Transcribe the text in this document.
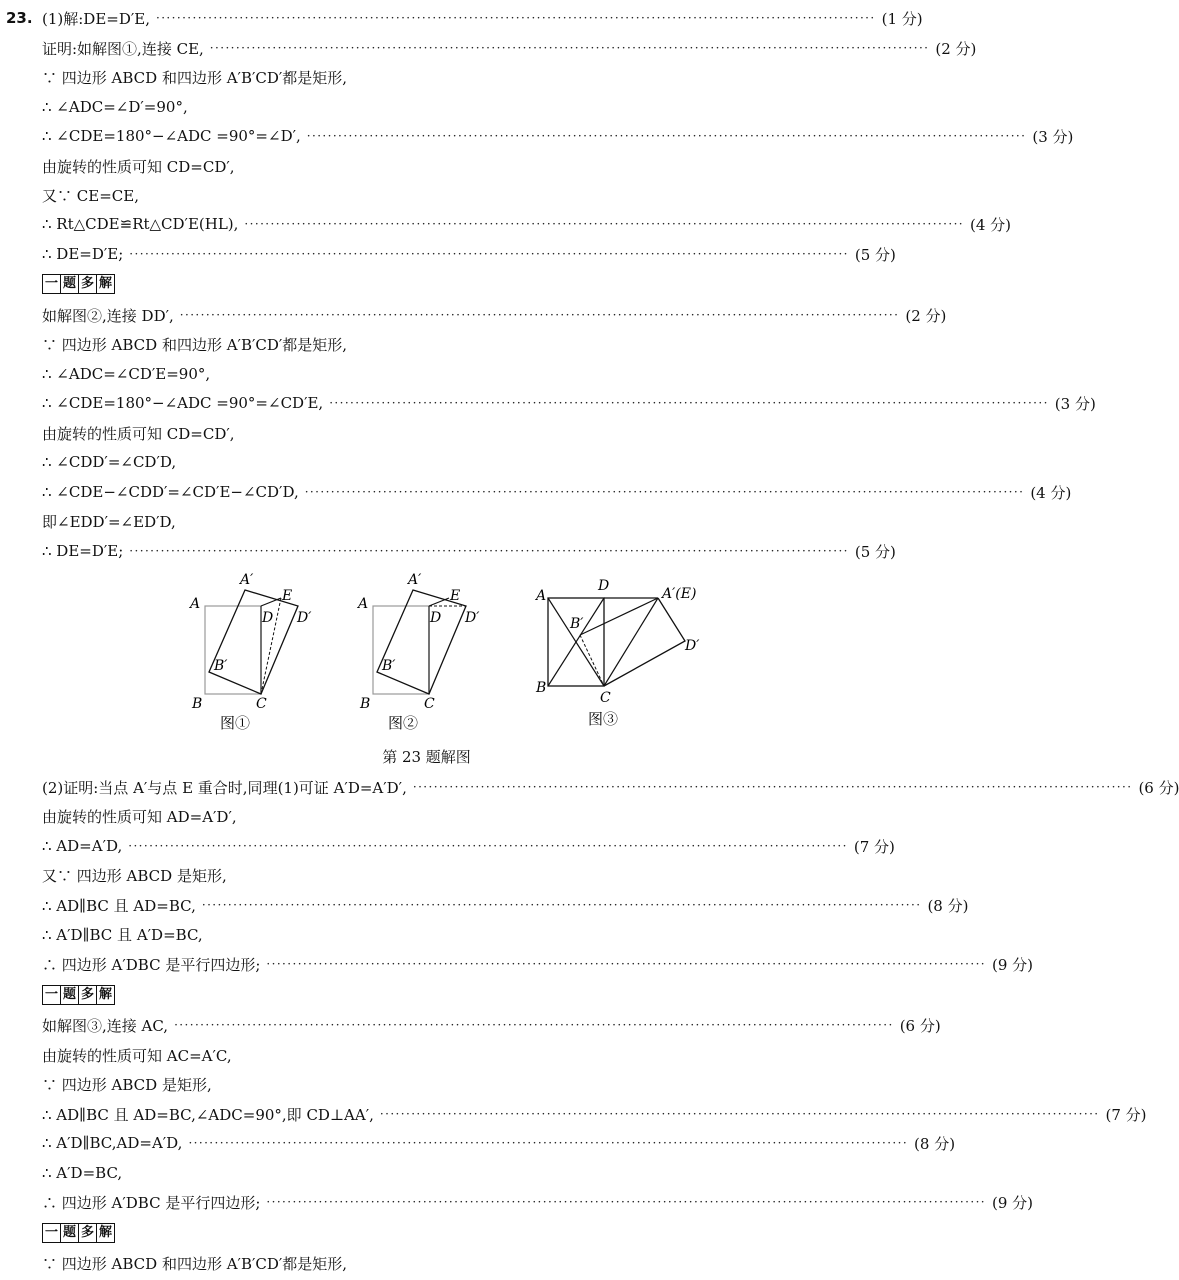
23. (1)解:DE=D′E, ·········································································································································· (1 分)
证明:如解图①,连接 CE, ·········································································································································· (2 分)
∵ 四边形 ABCD 和四边形 A′B′CD′都是矩形,
∴ ∠ADC=∠D′=90°,
∴ ∠CDE=180°−∠ADC =90°=∠D′, ·········································································································································· (3 分)
由旋转的性质可知 CD=CD′,
又∵ CE=CE,
∴ Rt△CDE≌Rt△CD′E(HL), ·········································································································································· (4 分)
∴ DE=D′E; ·········································································································································· (5 分)
一 题 多 解
如解图②,连接 DD′, ·········································································································································· (2 分)
∵ 四边形 ABCD 和四边形 A′B′CD′都是矩形,
∴ ∠ADC=∠CD′E=90°,
∴ ∠CDE=180°−∠ADC =90°=∠CD′E, ·········································································································································· (3 分)
由旋转的性质可知 CD=CD′,
∴ ∠CDD′=∠CD′D,
∴ ∠CDE−∠CDD′=∠CD′E−∠CD′D, ·········································································································································· (4 分)
即∠EDD′=∠ED′D,
∴ DE=D′E; ·········································································································································· (5 分)
A
A′
E
D D′
B′
B	C
图①
A
A′
E
D D′
B′
B	C
图②
A
D	A′(E)
B′
D′
B
C
图③
第 23 题解图
(2)证明:当点 A′与点 E 重合时,同理(1)可证 A′D=A′D′, ·········································································································································· (6 分)
由旋转的性质可知 AD=A′D′,
∴ AD=A′D, ·········································································································································· (7 分)
又∵ 四边形 ABCD 是矩形,
∴ AD∥BC 且 AD=BC, ·········································································································································· (8 分)
∴ A′D∥BC 且 A′D=BC,
∴ 四边形 A′DBC 是平行四边形; ·········································································································································· (9 分)
一 题 多 解
如解图③,连接 AC, ·········································································································································· (6 分)
由旋转的性质可知 AC=A′C,
∵ 四边形 ABCD 是矩形,
∴ AD∥BC 且 AD=BC,∠ADC=90°,即 CD⊥AA′, ·········································································································································· (7 分)
∴ A′D∥BC,AD=A′D, ·········································································································································· (8 分)
∴ A′D=BC,
∴ 四边形 A′DBC 是平行四边形; ·········································································································································· (9 分)
一 题 多 解
∵ 四边形 ABCD 和四边形 A′B′CD′都是矩形,
